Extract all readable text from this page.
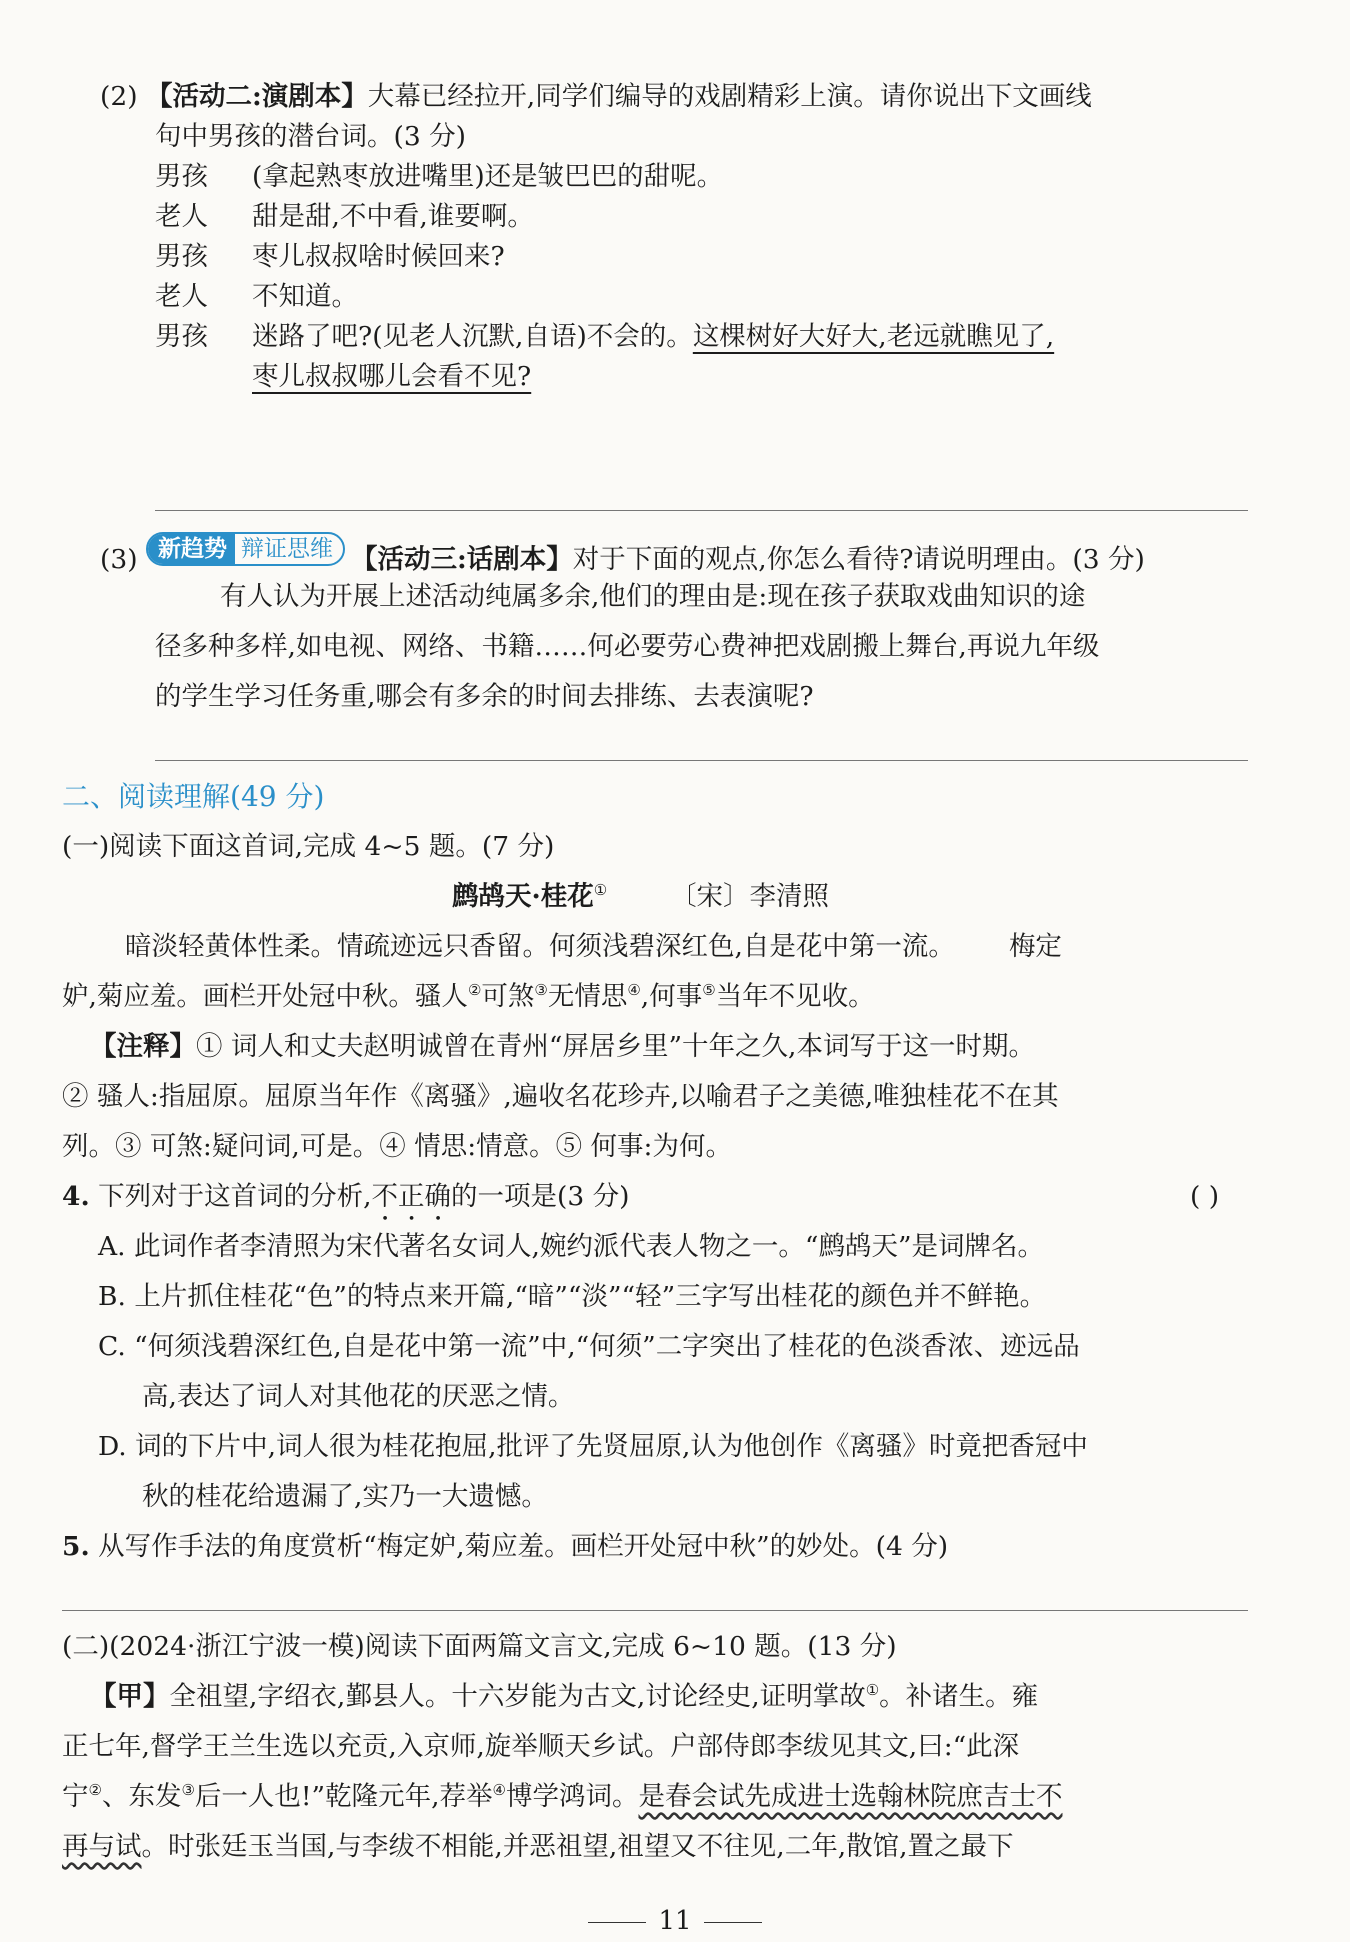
(2) 【活动二:演剧本】大幕已经拉开,同学们编导的戏剧精彩上演。请你说出下文画线
句中男孩的潜台词。(3 分)
男孩 (拿起熟枣放进嘴里)还是皱巴巴的甜呢。
老人 甜是甜,不中看,谁要啊。
男孩 枣儿叔叔啥时候回来?
老人 不知道。
男孩 迷路了吧?(见老人沉默,自语)不会的。这棵树好大好大,老远就瞧见了,
枣儿叔叔哪儿会看不见?
(3) 新趋势 辩证思维 【活动三:话剧本】对于下面的观点,你怎么看待?请说明理由。(3 分)
有人认为开展上述活动纯属多余,他们的理由是:现在孩子获取戏曲知识的途
径多种多样,如电视、网络、书籍……何必要劳心费神把戏剧搬上舞台,再说九年级
的学生学习任务重,哪会有多余的时间去排练、去表演呢?
二、阅读理解(49 分)
(一)阅读下面这首词,完成 4~5 题。(7 分)
鹧鸪天·桂花① 〔宋〕李清照
暗淡轻黄体性柔。情疏迹远只香留。何须浅碧深红色,自是花中第一流。 梅定
妒,菊应羞。画栏开处冠中秋。骚人②可煞③无情思④,何事⑤当年不见收。
【注释】① 词人和丈夫赵明诚曾在青州“屏居乡里”十年之久,本词写于这一时期。
② 骚人:指屈原。屈原当年作《离骚》,遍收名花珍卉,以喻君子之美德,唯独桂花不在其
列。③ 可煞:疑问词,可是。④ 情思:情意。⑤ 何事:为何。
4. 下列对于这首词的分析,不正确的一项是(3 分)	( )
A. 此词作者李清照为宋代著名女词人,婉约派代表人物之一。“鹧鸪天”是词牌名。
B. 上片抓住桂花“色”的特点来开篇,“暗”“淡”“轻”三字写出桂花的颜色并不鲜艳。
C. “何须浅碧深红色,自是花中第一流”中,“何须”二字突出了桂花的色淡香浓、迹远品
高,表达了词人对其他花的厌恶之情。
D. 词的下片中,词人很为桂花抱屈,批评了先贤屈原,认为他创作《离骚》时竟把香冠中
秋的桂花给遗漏了,实乃一大遗憾。
5. 从写作手法的角度赏析“梅定妒,菊应羞。画栏开处冠中秋”的妙处。(4 分)
(二)(2024·浙江宁波一模)阅读下面两篇文言文,完成 6~10 题。(13 分)
【甲】全祖望,字绍衣,鄞县人。十六岁能为古文,讨论经史,证明掌故①。补诸生。雍
正七年,督学王兰生选以充贡,入京师,旋举顺天乡试。户部侍郎李绂见其文,曰:“此深
宁②、东发③后一人也!”乾隆元年,荐举④博学鸿词。是春会试先成进士选翰林院庶吉士不
再与试。时张廷玉当国,与李绂不相能,并恶祖望,祖望又不往见,二年,散馆,置之最下
11
